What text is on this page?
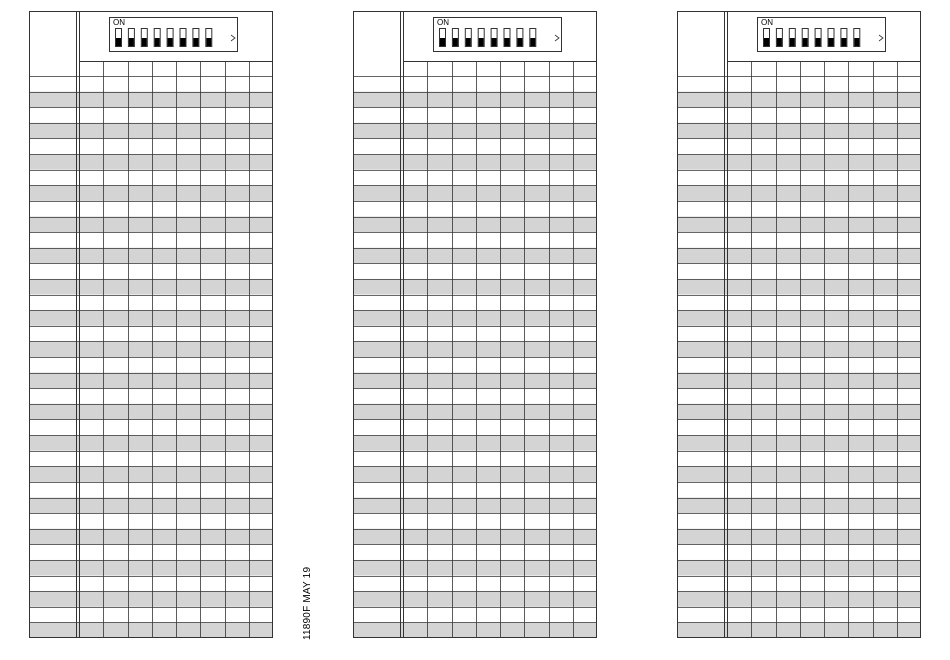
ON	ON	ON
11890F MAY 19
